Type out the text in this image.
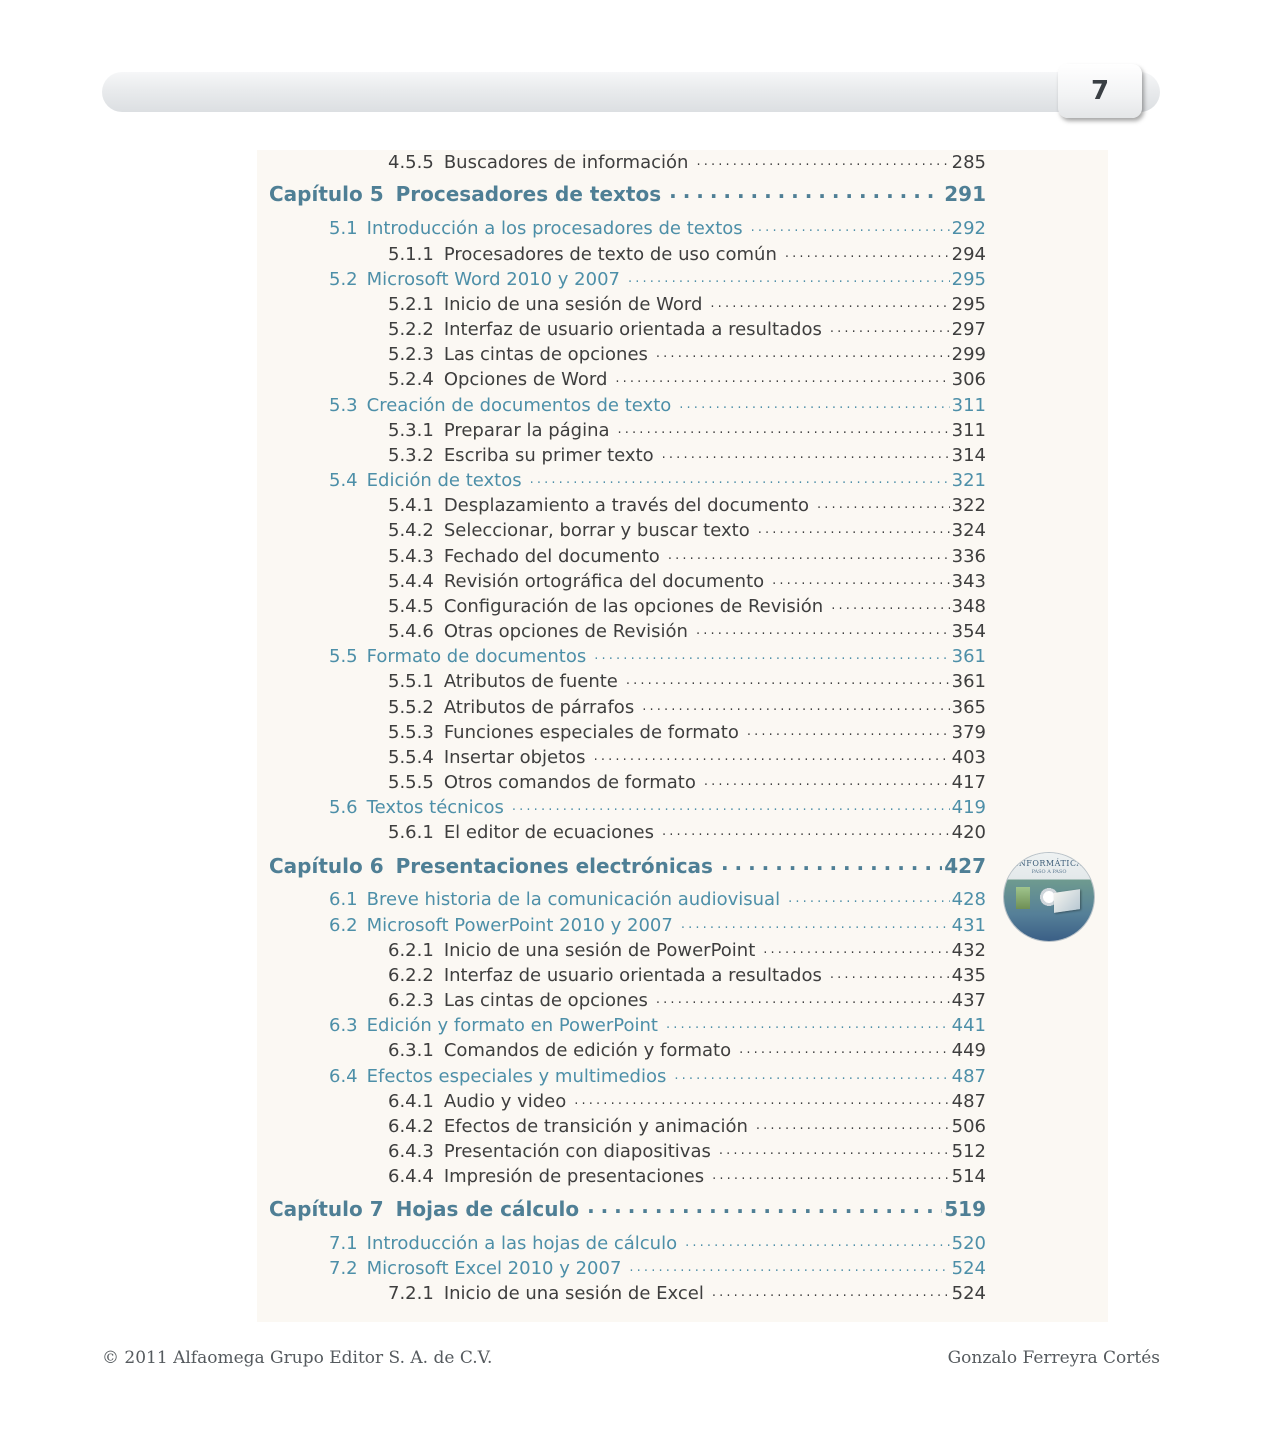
7
4.5.5 Buscadores de información . . .	285
Capítulo 5 Procesadores de textos . . .	291
5.1 Introducción a los procesadores de textos . . .	292
5.1.1 Procesadores de texto de uso común . . .	294
5.2 Microsoft Word 2010 y 2007 . . .	295
5.2.1 Inicio de una sesión de Word . . .	295
5.2.2 Interfaz de usuario orientada a resultados . . .	297
5.2.3 Las cintas de opciones . . .	299
5.2.4 Opciones de Word . . .	306
5.3 Creación de documentos de texto . . .	311
5.3.1 Preparar la página . . .	311
5.3.2 Escriba su primer texto . . .	314
5.4 Edición de textos . . .	321
5.4.1 Desplazamiento a través del documento . . .	322
5.4.2 Seleccionar, borrar y buscar texto . . .	324
5.4.3 Fechado del documento . . .	336
5.4.4 Revisión ortográfica del documento . . .	343
5.4.5 Configuración de las opciones de Revisión . . .	348
5.4.6 Otras opciones de Revisión . . .	354
5.5 Formato de documentos . . .	361
5.5.1 Atributos de fuente . . .	361
5.5.2 Atributos de párrafos . . .	365
5.5.3 Funciones especiales de formato . . .	379
5.5.4 Insertar objetos . . .	403
5.5.5 Otros comandos de formato . . .	417
5.6 Textos técnicos . . .	419
5.6.1 El editor de ecuaciones . . .	420
Capítulo 6 Presentaciones electrónicas . . .	427
6.1 Breve historia de la comunicación audiovisual . . .	428
6.2 Microsoft PowerPoint 2010 y 2007 . . .	431
6.2.1 Inicio de una sesión de PowerPoint . . .	432
6.2.2 Interfaz de usuario orientada a resultados . . .	435
6.2.3 Las cintas de opciones . . .	437
6.3 Edición y formato en PowerPoint . . .	441
6.3.1 Comandos de edición y formato . . .	449
6.4 Efectos especiales y multimedios . . .	487
6.4.1 Audio y video . . .	487
6.4.2 Efectos de transición y animación . . .	506
6.4.3 Presentación con diapositivas . . .	512
6.4.4 Impresión de presentaciones . . .	514
Capítulo 7 Hojas de cálculo . . .	519
7.1 Introducción a las hojas de cálculo . . .	520
7.2 Microsoft Excel 2010 y 2007 . . .	524
7.2.1 Inicio de una sesión de Excel . . .	524
INFORMÁTICA
PASO A PASO
© 2011 Alfaomega Grupo Editor S. A. de C.V.	Gonzalo Ferreyra Cortés
